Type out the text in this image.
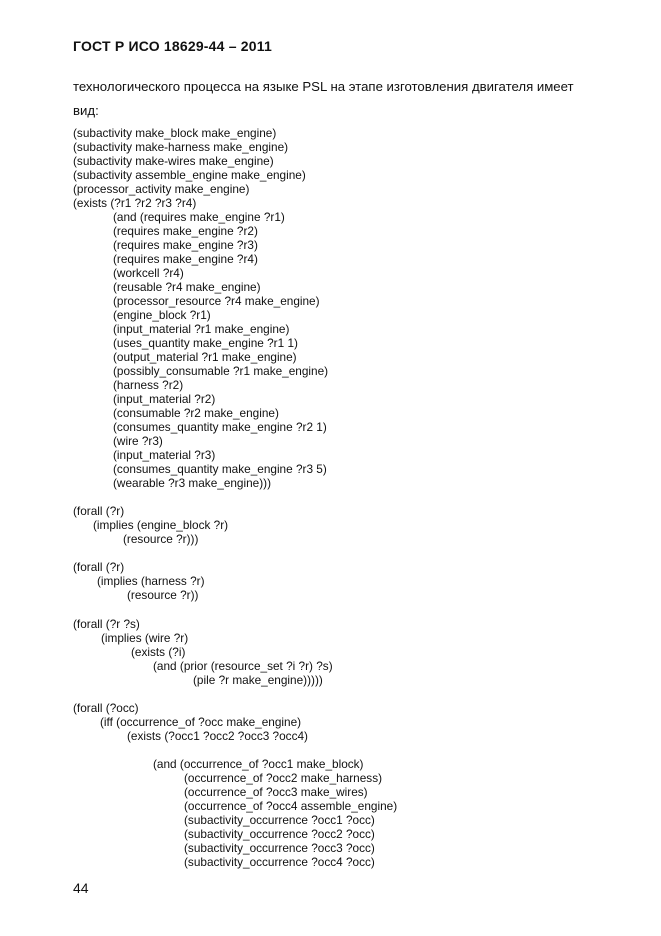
ГОСТ Р ИСО 18629-44 – 2011
технологического процесса на языке PSL на этапе изготовления двигателя имеет
вид:
(subactivity make_block make_engine)
(subactivity make-harness make_engine)
(subactivity make-wires make_engine)
(subactivity assemble_engine make_engine)
(processor_activity make_engine)
(exists (?r1 ?r2 ?r3 ?r4)
(and (requires make_engine ?r1)
(requires make_engine ?r2)
(requires make_engine ?r3)
(requires make_engine ?r4)
(workcell ?r4)
(reusable ?r4 make_engine)
(processor_resource ?r4 make_engine)
(engine_block ?r1)
(input_material ?r1 make_engine)
(uses_quantity make_engine ?r1 1)
(output_material ?r1 make_engine)
(possibly_consumable ?r1 make_engine)
(harness ?r2)
(input_material ?r2)
(consumable ?r2 make_engine)
(consumes_quantity make_engine ?r2 1)
(wire ?r3)
(input_material ?r3)
(consumes_quantity make_engine ?r3 5)
(wearable ?r3 make_engine)))
(forall (?r)
(implies (engine_block ?r)
(resource ?r)))
(forall (?r)
(implies (harness ?r)
(resource ?r))
(forall (?r ?s)
(implies (wire ?r)
(exists (?i)
(and (prior (resource_set ?i ?r) ?s)
(pile ?r make_engine)))))
(forall (?occ)
(iff (occurrence_of ?occ make_engine)
(exists (?occ1 ?occ2 ?occ3 ?occ4)
(and (occurrence_of ?occ1 make_block)
(occurrence_of ?occ2 make_harness)
(occurrence_of ?occ3 make_wires)
(occurrence_of ?occ4 assemble_engine)
(subactivity_occurrence ?occ1 ?occ)
(subactivity_occurrence ?occ2 ?occ)
(subactivity_occurrence ?occ3 ?occ)
(subactivity_occurrence ?occ4 ?occ)
44
